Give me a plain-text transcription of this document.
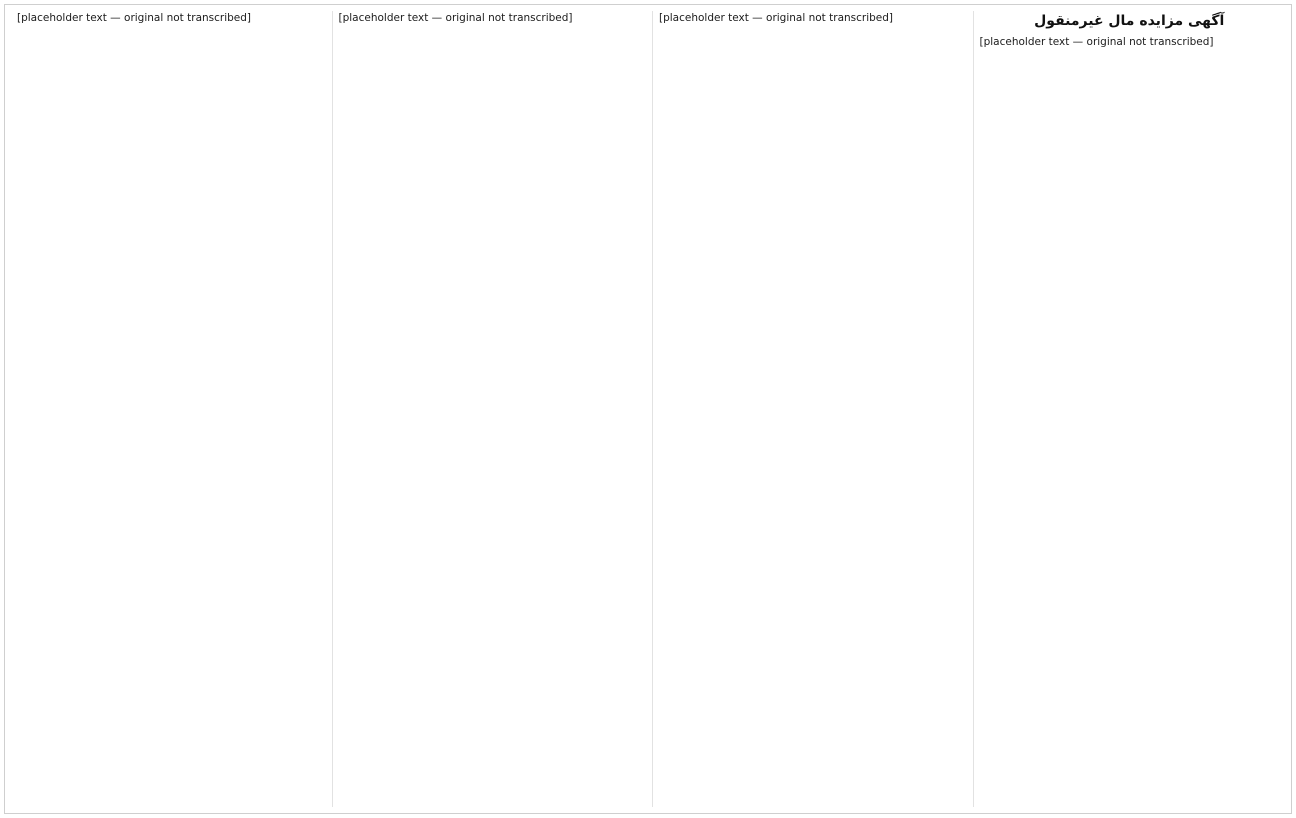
آگهی مزایده مال غیرمنقول
[placeholder text — original not transcribed]
[placeholder text — original not transcribed]
[placeholder text — original not transcribed]
[placeholder text — original not transcribed]
